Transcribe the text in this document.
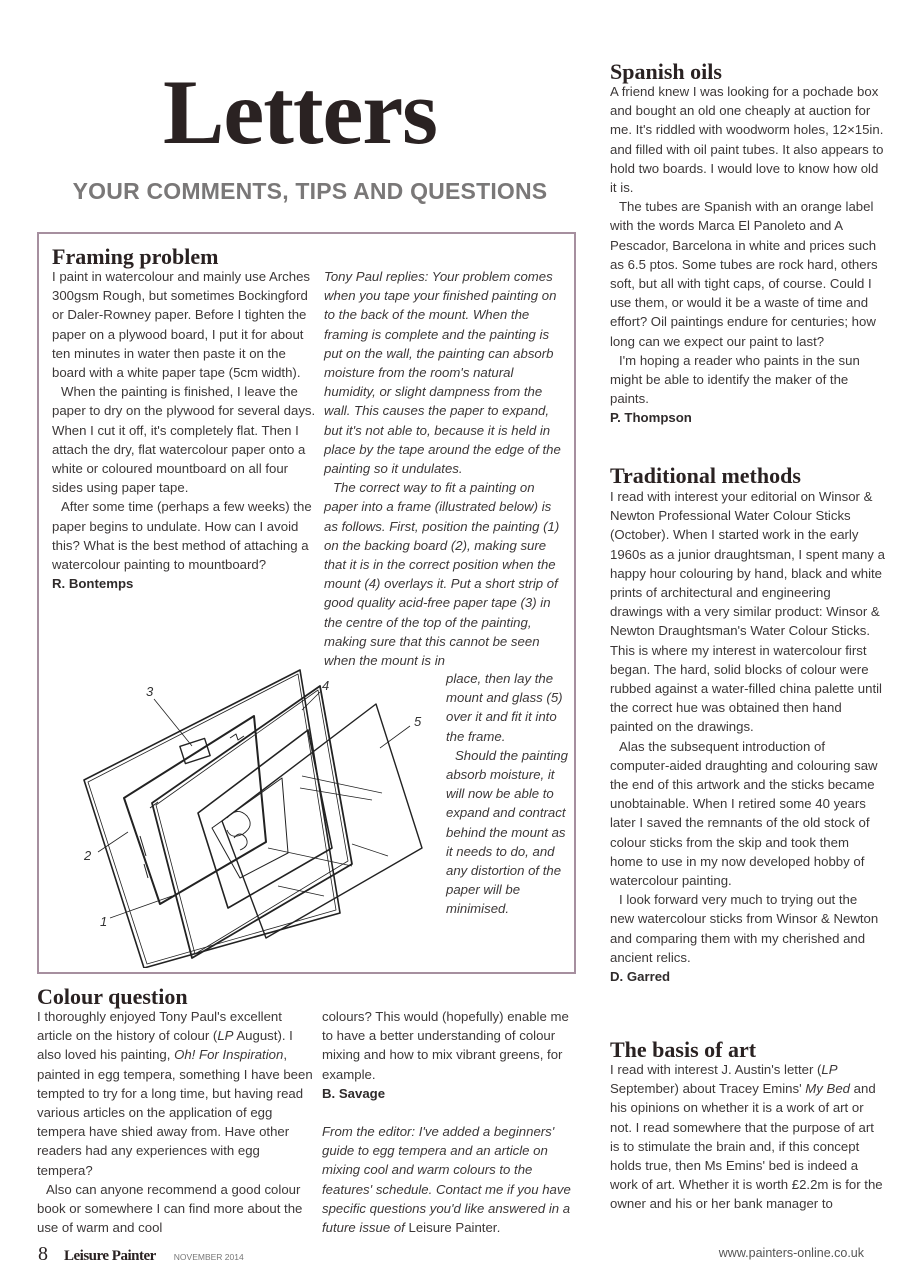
Letters
YOUR COMMENTS, TIPS AND QUESTIONS
Framing problem

I paint in watercolour and mainly use Arches 300gsm Rough, but sometimes Bockingford or Daler-Rowney paper. Before I tighten the paper on a plywood board, I put it for about ten minutes in water then paste it on the board with a white paper tape (5cm width).

When the painting is finished, I leave the paper to dry on the plywood for several days. When I cut it off, it's completely flat. Then I attach the dry, flat watercolour paper onto a white or coloured mountboard on all four sides using paper tape.

After some time (perhaps a few weeks) the paper begins to undulate. How can I avoid this? What is the best method of attaching a watercolour painting to mountboard?

R. Bontemps

Tony Paul replies: Your problem comes when you tape your finished painting on to the back of the mount. When the framing is complete and the painting is put on the wall, the painting can absorb moisture from the room's natural humidity, or slight dampness from the wall. This causes the paper to expand, but it's not able to, because it is held in place by the tape around the edge of the painting so it undulates.

The correct way to fit a painting on paper into a frame (illustrated below) is as follows. First, position the painting (1) on the backing board (2), making sure that it is in the correct position when the mount (4) overlays it. Put a short strip of good quality acid-free paper tape (3) in the centre of the top of the painting, making sure that this cannot be seen when the mount is in

place, then lay the mount and glass (5) over it and fit it into the frame.

Should the painting absorb moisture, it will now be able to expand and contract behind the mount as it needs to do, and any distortion of the paper will be minimised.

1
2
3	4
5
Colour question

I thoroughly enjoyed Tony Paul's excellent article on the history of colour (LP August). I also loved his painting, Oh! For Inspiration, painted in egg tempera, something I have been tempted to try for a long time, but having read various articles on the application of egg tempera have shied away from. Have other readers had any experiences with egg tempera?

Also can anyone recommend a good colour book or somewhere I can find more about the use of warm and cool

colours? This would (hopefully) enable me to have a better understanding of colour mixing and how to mix vibrant greens, for example.

B. Savage

From the editor: I've added a beginners' guide to egg tempera and an article on mixing cool and warm colours to the features' schedule. Contact me if you have specific questions you'd like answered in a future issue of Leisure Painter.

Spanish oils

A friend knew I was looking for a pochade box and bought an old one cheaply at auction for me. It's riddled with woodworm holes, 12×15in. and filled with oil paint tubes. It also appears to hold two boards. I would love to know how old it is.

The tubes are Spanish with an orange label with the words Marca El Panoleto and A Pescador, Barcelona in white and prices such as 6.5 ptos. Some tubes are rock hard, others soft, but all with tight caps, of course. Could I use them, or would it be a waste of time and effort? Oil paintings endure for centuries; how long can we expect our paint to last?

I'm hoping a reader who paints in the sun might be able to identify the maker of the paints.

P. Thompson

Traditional methods

I read with interest your editorial on Winsor & Newton Professional Water Colour Sticks (October). When I started work in the early 1960s as a junior draughtsman, I spent many a happy hour colouring by hand, black and white prints of architectural and engineering drawings with a very similar product: Winsor & Newton Draughtsman's Water Colour Sticks. This is where my interest in watercolour first began. The hard, solid blocks of colour were rubbed against a water-filled china palette until the correct hue was obtained then hand painted on the drawings.

Alas the subsequent introduction of computer-aided draughting and colouring saw the end of this artwork and the sticks became unobtainable. When I retired some 40 years later I saved the remnants of the old stock of colour sticks from the skip and took them home to use in my now developed hobby of watercolour painting.

I look forward very much to trying out the new watercolour sticks from Winsor & Newton and comparing them with my cherished and ancient relics.

D. Garred

The basis of art

I read with interest J. Austin's letter (LP September) about Tracey Emins' My Bed and his opinions on whether it is a work of art or not. I read somewhere that the purpose of art is to stimulate the brain and, if this concept holds true, then Ms Emins' bed is indeed a work of art. Whether it is worth £2.2m is for the owner and his or her bank manager to

8 Leisure Painter NOVEMBER 2014	www.painters-online.co.uk
